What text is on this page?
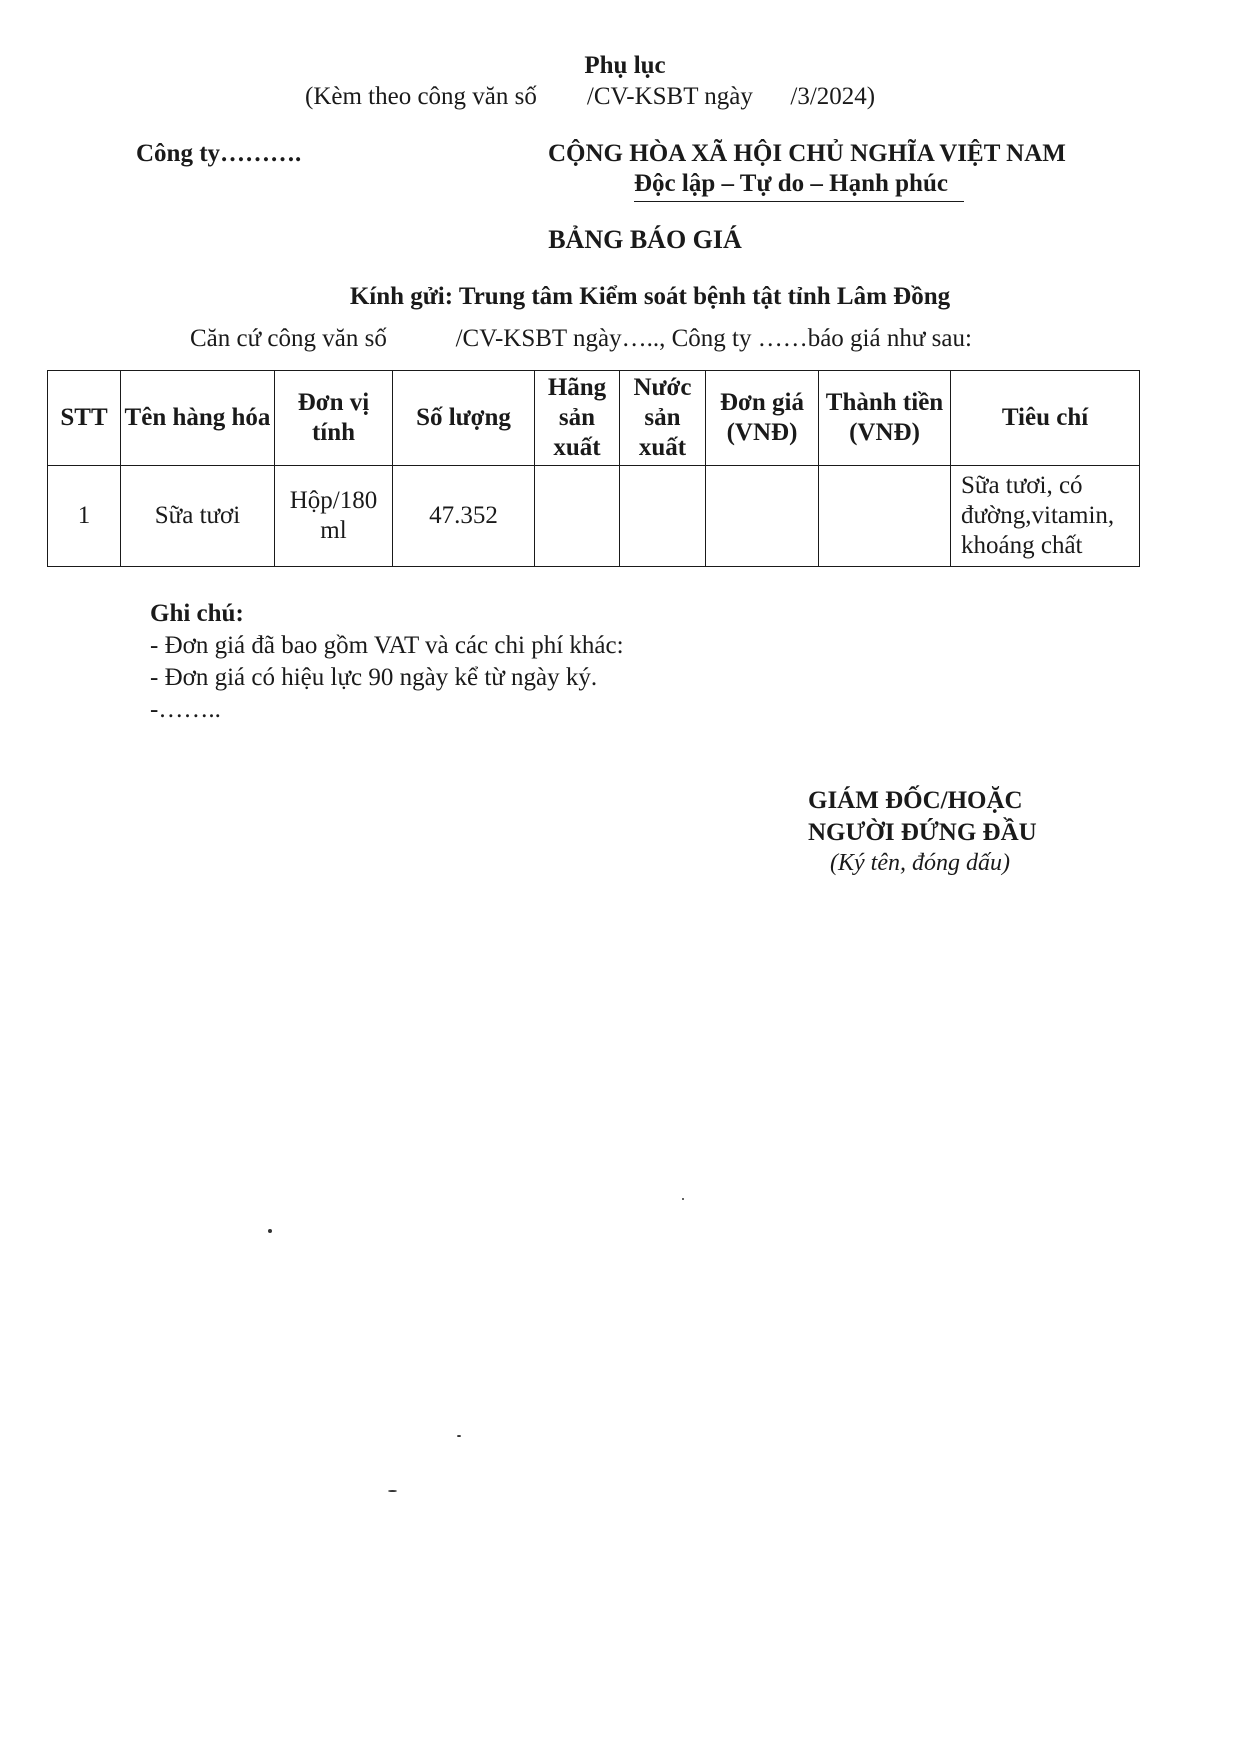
Phụ lục
(Kèm theo công văn số        /CV-KSBT ngày      /3/2024)
Công ty……….	CỘNG HÒA XÃ HỘI CHỦ NGHĨA VIỆT NAM
Độc lập – Tự do – Hạnh phúc
BẢNG BÁO GIÁ
Kính gửi: Trung tâm Kiểm soát bệnh tật tỉnh Lâm Đồng
Căn cứ công văn số           /CV-KSBT ngày….., Công ty ……báo giá như sau:
STT	Tên hàng hóa	Đơn vị tính	Số lượng	Hãng sản xuất	Nước sản xuất	Đơn giá (VNĐ)	Thành tiền (VNĐ)	Tiêu chí
1	Sữa tươi	Hộp/180 ml	47.352					Sữa tươi, có đường,vitamin, khoáng chất
Ghi chú:
- Đơn giá đã bao gồm VAT và các chi phí khác:
- Đơn giá có hiệu lực 90 ngày kể từ ngày ký.
-……..
GIÁM ĐỐC/HOẶC
NGƯỜI ĐỨNG ĐẦU
(Ký tên, đóng dấu)
